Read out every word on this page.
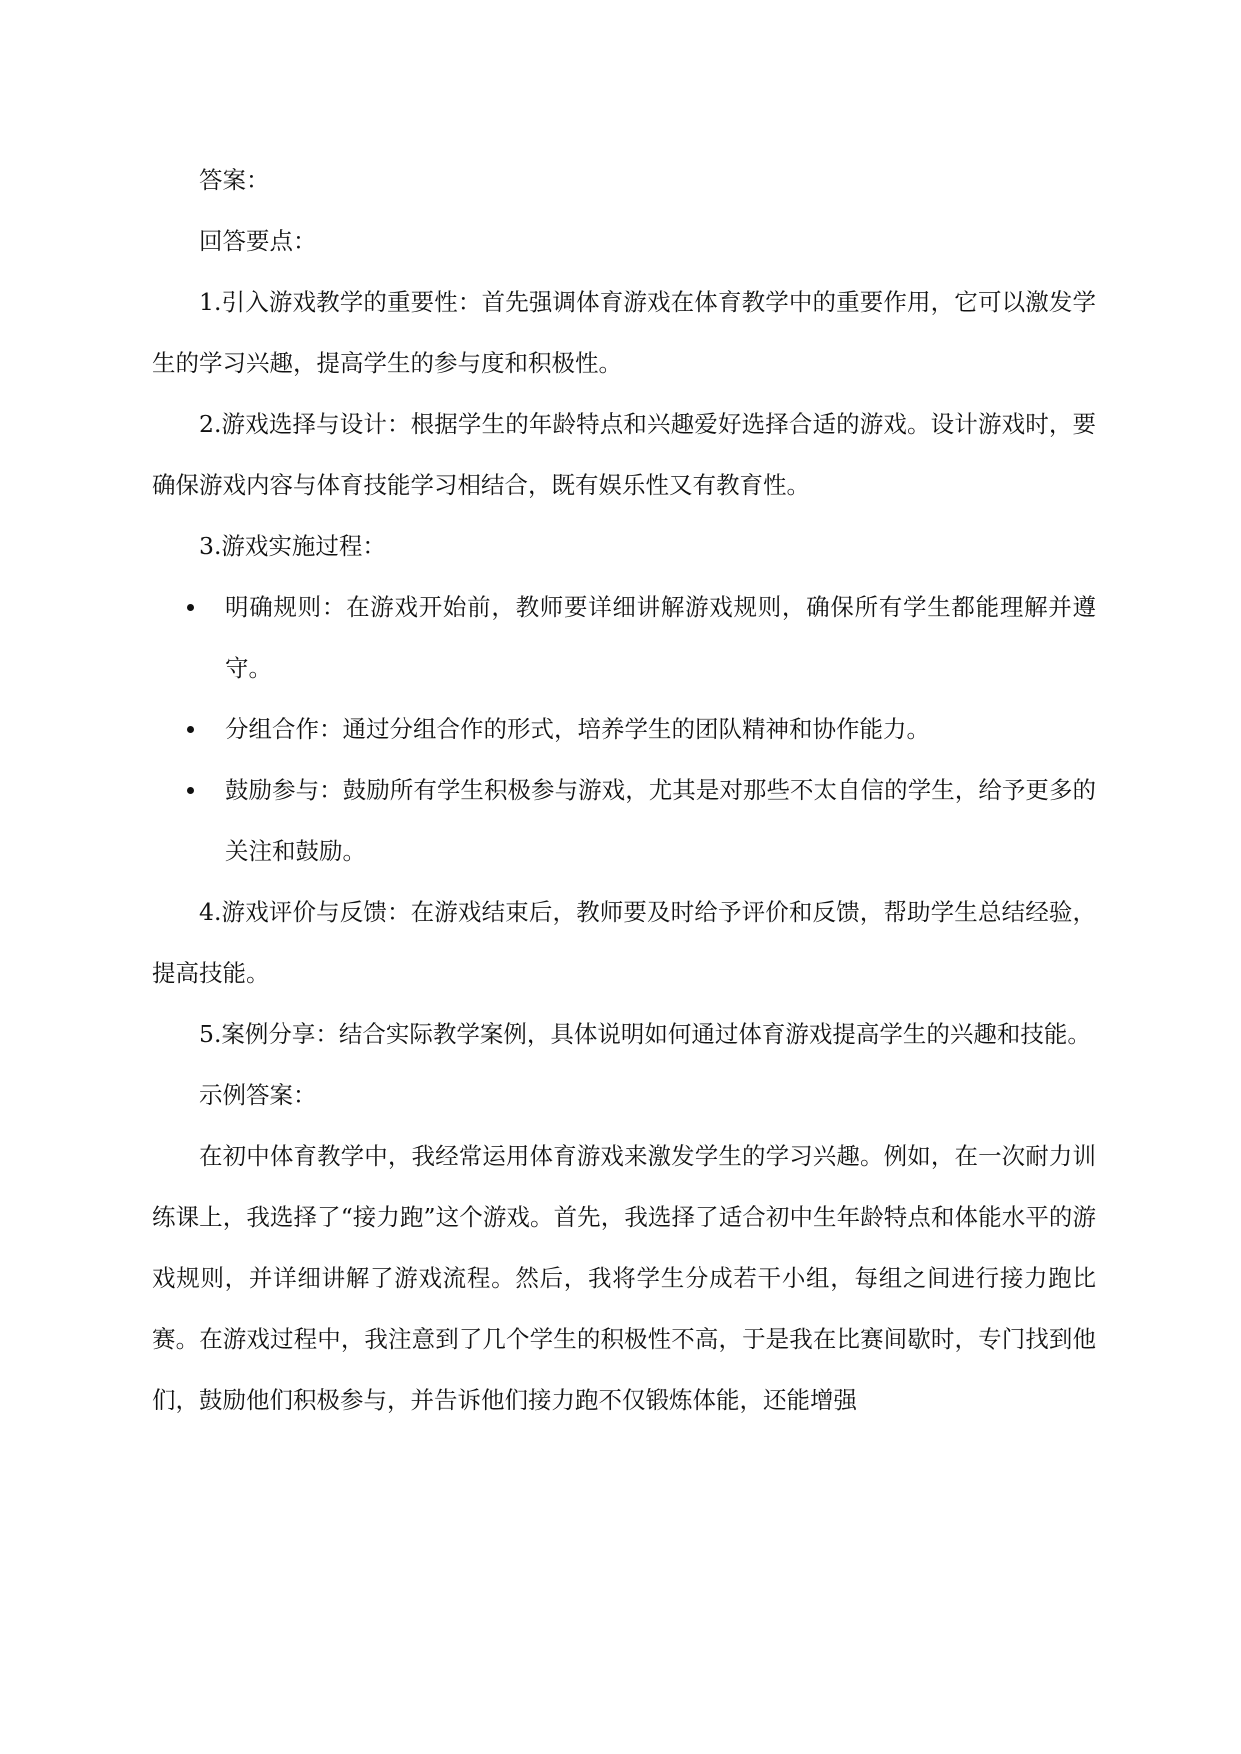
答案：

回答要点：

1.引入游戏教学的重要性：首先强调体育游戏在体育教学中的重要作用，它可以激发学生的学习兴趣，提高学生的参与度和积极性。

2.游戏选择与设计：根据学生的年龄特点和兴趣爱好选择合适的游戏。设计游戏时，要确保游戏内容与体育技能学习相结合，既有娱乐性又有教育性。

3.游戏实施过程：

明确规则：在游戏开始前，教师要详细讲解游戏规则，确保所有学生都能理解并遵守。
分组合作：通过分组合作的形式，培养学生的团队精神和协作能力。
鼓励参与：鼓励所有学生积极参与游戏，尤其是对那些不太自信的学生，给予更多的关注和鼓励。

4.游戏评价与反馈：在游戏结束后，教师要及时给予评价和反馈，帮助学生总结经验，提高技能。

5.案例分享：结合实际教学案例，具体说明如何通过体育游戏提高学生的兴趣和技能。

示例答案：

在初中体育教学中，我经常运用体育游戏来激发学生的学习兴趣。例如，在一次耐力训练课上，我选择了“接力跑”这个游戏。首先，我选择了适合初中生年龄特点和体能水平的游戏规则，并详细讲解了游戏流程。然后，我将学生分成若干小组，每组之间进行接力跑比赛。在游戏过程中，我注意到了几个学生的积极性不高，于是我在比赛间歇时，专门找到他们，鼓励他们积极参与，并告诉他们接力跑不仅锻炼体能，还能增强
